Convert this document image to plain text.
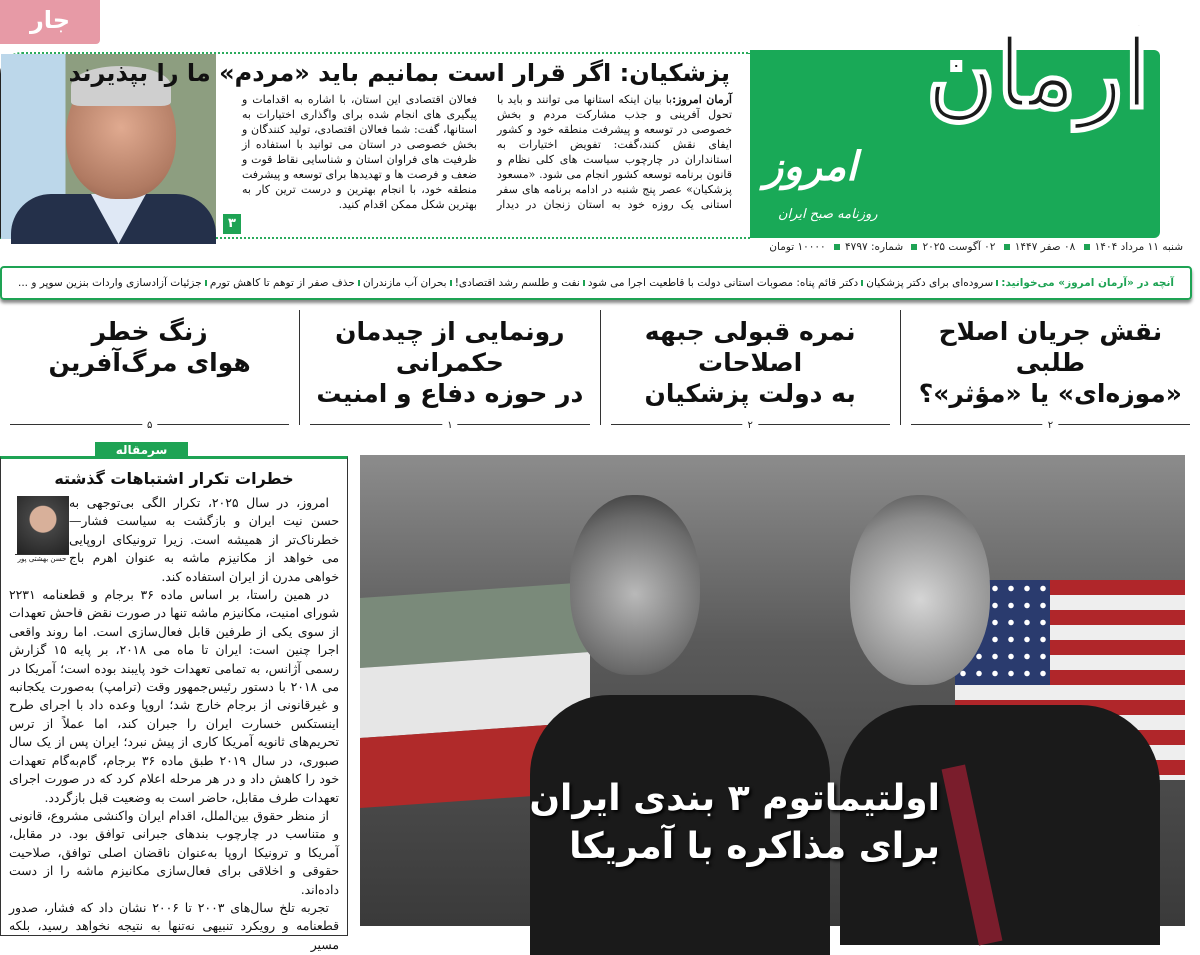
جار
پزشکیان: اگر قرار است بمانیم باید «مردم» ما را بپذیرند
آرمان امروز:با بیان اینکه استانها می توانند و باید با تحول آفرینی و جذب مشارکت مردم و بخش خصوصی در توسعه و پیشرفت منطقه خود و کشور ایفای نقش کنند،گفت: تفویض اختیارات به استانداران در چارچوب سیاست های کلی نظام و قانون برنامه توسعه کشور انجام می شود. «مسعود پزشکیان» عصر پنج شنبه در ادامه برنامه های سفر استانی یک روزه خود به استان زنجان در دیدار فعالان اقتصادی این استان، با اشاره به اقدامات و پیگیری های انجام شده برای واگذاری اختیارات به استانها، گفت: شما فعالان اقتصادی، تولید کنندگان و بخش خصوصی در استان می توانید با استفاده از ظرفیت های فراوان استان و شناسایی نقاط قوت و ضعف و فرصت ها و تهدیدها برای توسعه و پیشرفت منطقه خود، با انجام بهترین و درست ترین کار به بهترین شکل ممکن اقدام کنید.
۳
آرمان
امروز
روزنامه صبح ایران
شنبه ۱۱ مرداد ۱۴۰۴ ۰۸ صفر ۱۴۴۷ ۰۲ آگوست ۲۰۲۵ شماره: ۴۷۹۷ ۱۰۰۰۰ تومان
آنچه در «آرمان امروز» می‌خوانید:
سروده‌ای برای دکتر پزشکیان
دکتر قائم پناه: مصوبات استانی دولت با قاطعیت اجرا می شود
نفت و طلسم رشد اقتصادی!
بحران آب مازندران
حذف صفر از توهم تا کاهش تورم
جزئیات آزادسازی واردات بنزین سوپر و ...
نقش جریان اصلاح طلبی
«موزه‌ای» یا «مؤثر»؟
۲
نمره قبولی جبهه اصلاحات
به دولت پزشکیان
۲
رونمایی از چیدمان حکمرانی
در حوزه دفاع و امنیت
۱
زنگ خطر
هوای مرگ‌آفرین
۵
خطرات تکرار اشتباهات گذشته
حسن بهشتی پور

امروز، در سال ۲۰۲۵، تکرار الگی بی‌توجهی به حسن نیت ایران و بازگشت به سیاست فشار—خطرناک‌تر از همیشه است. زیرا ترونیکای اروپایی می خواهد از مکانیزم ماشه به عنوان اهرم باج خواهی مدرن از ایران استفاده کند.

در همین راستا، بر اساس ماده ۳۶ برجام و قطعنامه ۲۲۳۱ شورای امنیت، مکانیزم ماشه تنها در صورت نقض فاحش تعهدات از سوی یکی از طرفین قابل فعال‌سازی است. اما روند واقعی اجرا چنین است: ایران تا ماه می ۲۰۱۸، بر پایه ۱۵ گزارش رسمی آژانس، به تمامی تعهدات خود پایبند بوده است؛ آمریکا در می ۲۰۱۸ با دستور رئیس‌جمهور وقت (ترامپ) به‌صورت یکجانبه و غیرقانونی از برجام خارج شد؛ اروپا وعده داد با اجرای طرح اینستکس خسارت ایران را جبران کند، اما عملاً از ترس تحریم‌های ثانویه آمریکا کاری از پیش نبرد؛ ایران پس از یک سال صبوری، در سال ۲۰۱۹ طبق ماده ۳۶ برجام، گام‌به‌گام تعهدات خود را کاهش داد و در هر مرحله اعلام کرد که در صورت اجرای تعهدات طرف مقابل، حاضر است به وضعیت قبل بازگردد.

از منظر حقوق بین‌الملل، اقدام ایران واکنشی مشروع، قانونی و متناسب در چارچوب بندهای جبرانی توافق بود. در مقابل، آمریکا و ترونیکا اروپا به‌عنوان ناقضان اصلی توافق، صلاحیت حقوقی و اخلاقی برای فعال‌سازی مکانیزم ماشه را از دست داده‌اند.

تجربه تلخ سال‌های ۲۰۰۳ تا ۲۰۰۶ نشان داد که فشار، صدور قطعنامه و رویکرد تنبیهی نه‌تنها به نتیجه نخواهد رسید، بلکه مسیر

سرمقاله
اولتیماتوم ۳ بندی ایران
برای مذاکره با آمریکا
